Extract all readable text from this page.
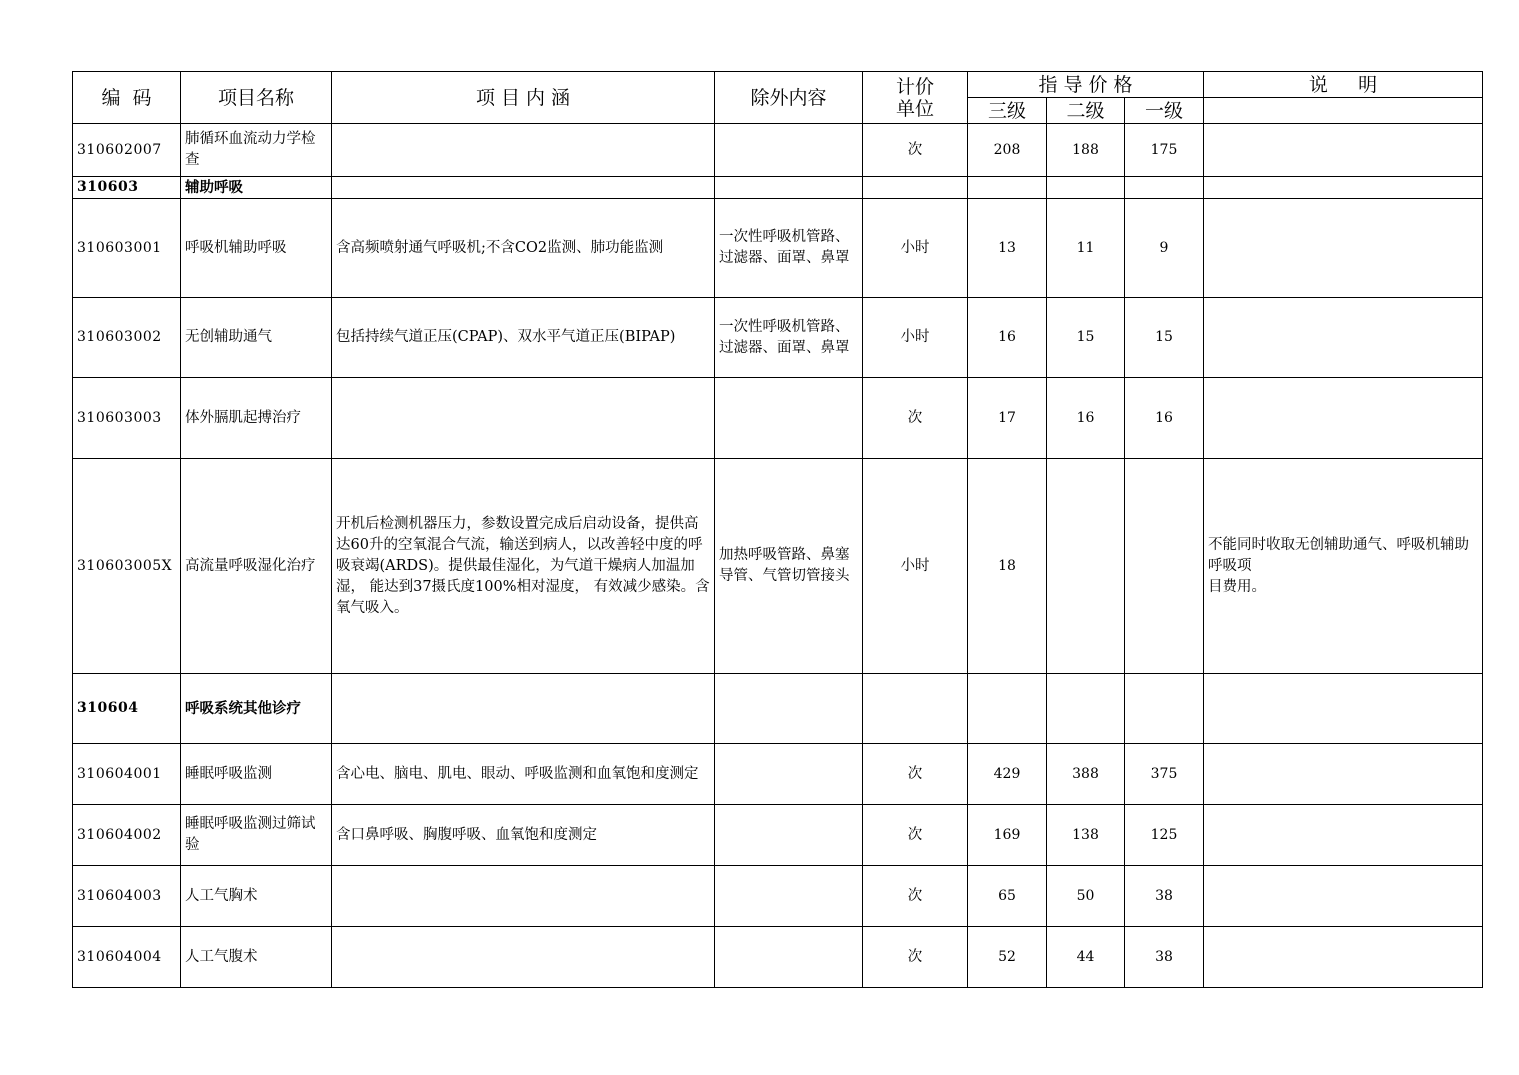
编  码	项目名称	项 目 内 涵	除外内容	计价单位	指 导 价 格			说     明
					三级	二级	一级	
310602007	肺循环血流动力学检查			次	208	188	175	
310603	辅助呼吸							
310603001	呼吸机辅助呼吸	含高频喷射通气呼吸机;不含CO2监测、肺功能监测	一次性呼吸机管路、过滤器、面罩、鼻罩	小时	13	11	9	
310603002	无创辅助通气	包括持续气道正压(CPAP)、双水平气道正压(BIPAP)	一次性呼吸机管路、过滤器、面罩、鼻罩	小时	16	15	15	
310603003	体外膈肌起搏治疗			次	17	16	16	
310603005X	高流量呼吸湿化治疗	开机后检测机器压力，参数设置完成后启动设备，提供高达60升的空氧混合气流，输送到病人，以改善轻中度的呼吸衰竭(ARDS)。提供最佳湿化，为气道干燥病人加温加湿， 能达到37摄氏度100%相对湿度， 有效减少感染。含氧气吸入。	加热呼吸管路、鼻塞导管、气管切管接头	小时	18			不能同时收取无创辅助通气、呼吸机辅助呼吸项
目费用。
310604	呼吸系统其他诊疗							
310604001	睡眠呼吸监测	含心电、脑电、肌电、眼动、呼吸监测和血氧饱和度测定		次	429	388	375	
310604002	睡眠呼吸监测过筛试验	含口鼻呼吸、胸腹呼吸、血氧饱和度测定		次	169	138	125	
310604003	人工气胸术			次	65	50	38	
310604004	人工气腹术			次	52	44	38	
